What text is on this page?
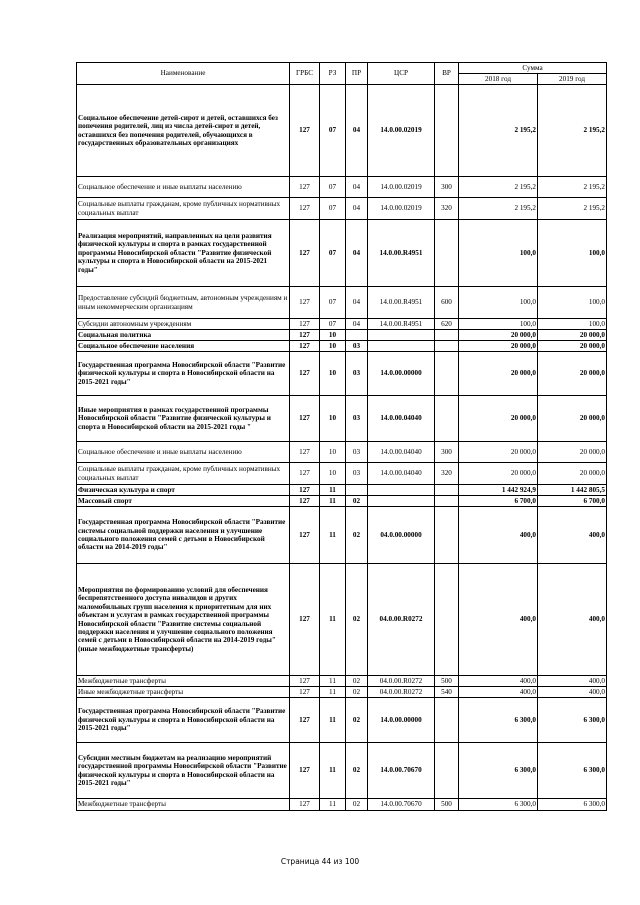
Наименование	ГРБС	РЗ	ПР	ЦСР	ВР	Сумма	
						2018 год	2019 год
Социальное обеспечение детей-сирот и детей, оставшихся без попечения родителей, лиц из числа детей-сирот и детей, оставшихся без попечения родителей, обучающихся в государственных образовательных организациях	127	07	04	14.0.00.02019		2 195,2	2 195,2
Социальное обеспечение и иные выплаты населению	127	07	04	14.0.00.02019	300	2 195,2	2 195,2
Социальные выплаты гражданам, кроме публичных нормативных социальных выплат	127	07	04	14.0.00.02019	320	2 195,2	2 195,2
Реализация мероприятий, направленных на цели развития физической культуры и спорта в рамках государственной программы Новосибирской области "Развитие физической культуры и спорта в Новосибирской области на 2015-2021 годы"	127	07	04	14.0.00.R4951		100,0	100,0
Предоставление субсидий бюджетным, автономным учреждениям и иным некоммерческим организациям	127	07	04	14.0.00.R4951	600	100,0	100,0
Субсидии автономным учреждениям	127	07	04	14.0.00.R4951	620	100,0	100,0
Социальная политика	127	10				20 000,0	20 000,0
Социальное обеспечение населения	127	10	03			20 000,0	20 000,0
Государственная программа Новосибирской области "Развитие физической культуры и спорта в Новосибирской области на 2015-2021 годы"	127	10	03	14.0.00.00000		20 000,0	20 000,0
Иные мероприятия в рамках государственной программы Новосибирской области "Развитие физической культуры и спорта в Новосибирской области на 2015-2021 годы "	127	10	03	14.0.00.04040		20 000,0	20 000,0
Социальное обеспечение и иные выплаты населению	127	10	03	14.0.00.04040	300	20 000,0	20 000,0
Социальные выплаты гражданам, кроме публичных нормативных социальных выплат	127	10	03	14.0.00.04040	320	20 000,0	20 000,0
Физическая культура и спорт	127	11				1 442 924,9	1 442 805,5
Массовый спорт	127	11	02			6 700,0	6 700,0
Государственная программа Новосибирской области "Развитие системы социальной поддержки населения и улучшение социального положения семей с детьми в Новосибирской области на 2014-2019 годы"	127	11	02	04.0.00.00000		400,0	400,0
Мероприятия по формированию условий для обеспечения беспрепятственного доступа инвалидов и других маломобильных групп населения к приоритетным для них объектам и услугам в рамках государственной программы Новосибирской области "Развитие системы социальной поддержки населения и улучшение социального положения семей с детьми в Новосибирской области на 2014-2019 годы" (иные межбюджетные трансферты)	127	11	02	04.0.00.R0272		400,0	400,0
Межбюджетные трансферты	127	11	02	04.0.00.R0272	500	400,0	400,0
Иные межбюджетные трансферты	127	11	02	04.0.00.R0272	540	400,0	400,0
Государственная программа Новосибирской области "Развитие физической культуры и спорта в Новосибирской области на 2015-2021 годы"	127	11	02	14.0.00.00000		6 300,0	6 300,0
Субсидии местным бюджетам на реализацию мероприятий государственной программы Новосибирской области "Развитие физической культуры и спорта в Новосибирской области на 2015-2021 годы"	127	11	02	14.0.00.70670		6 300,0	6 300,0
Межбюджетные трансферты	127	11	02	14.0.00.70670	500	6 300,0	6 300,0
Страница 44 из 100
